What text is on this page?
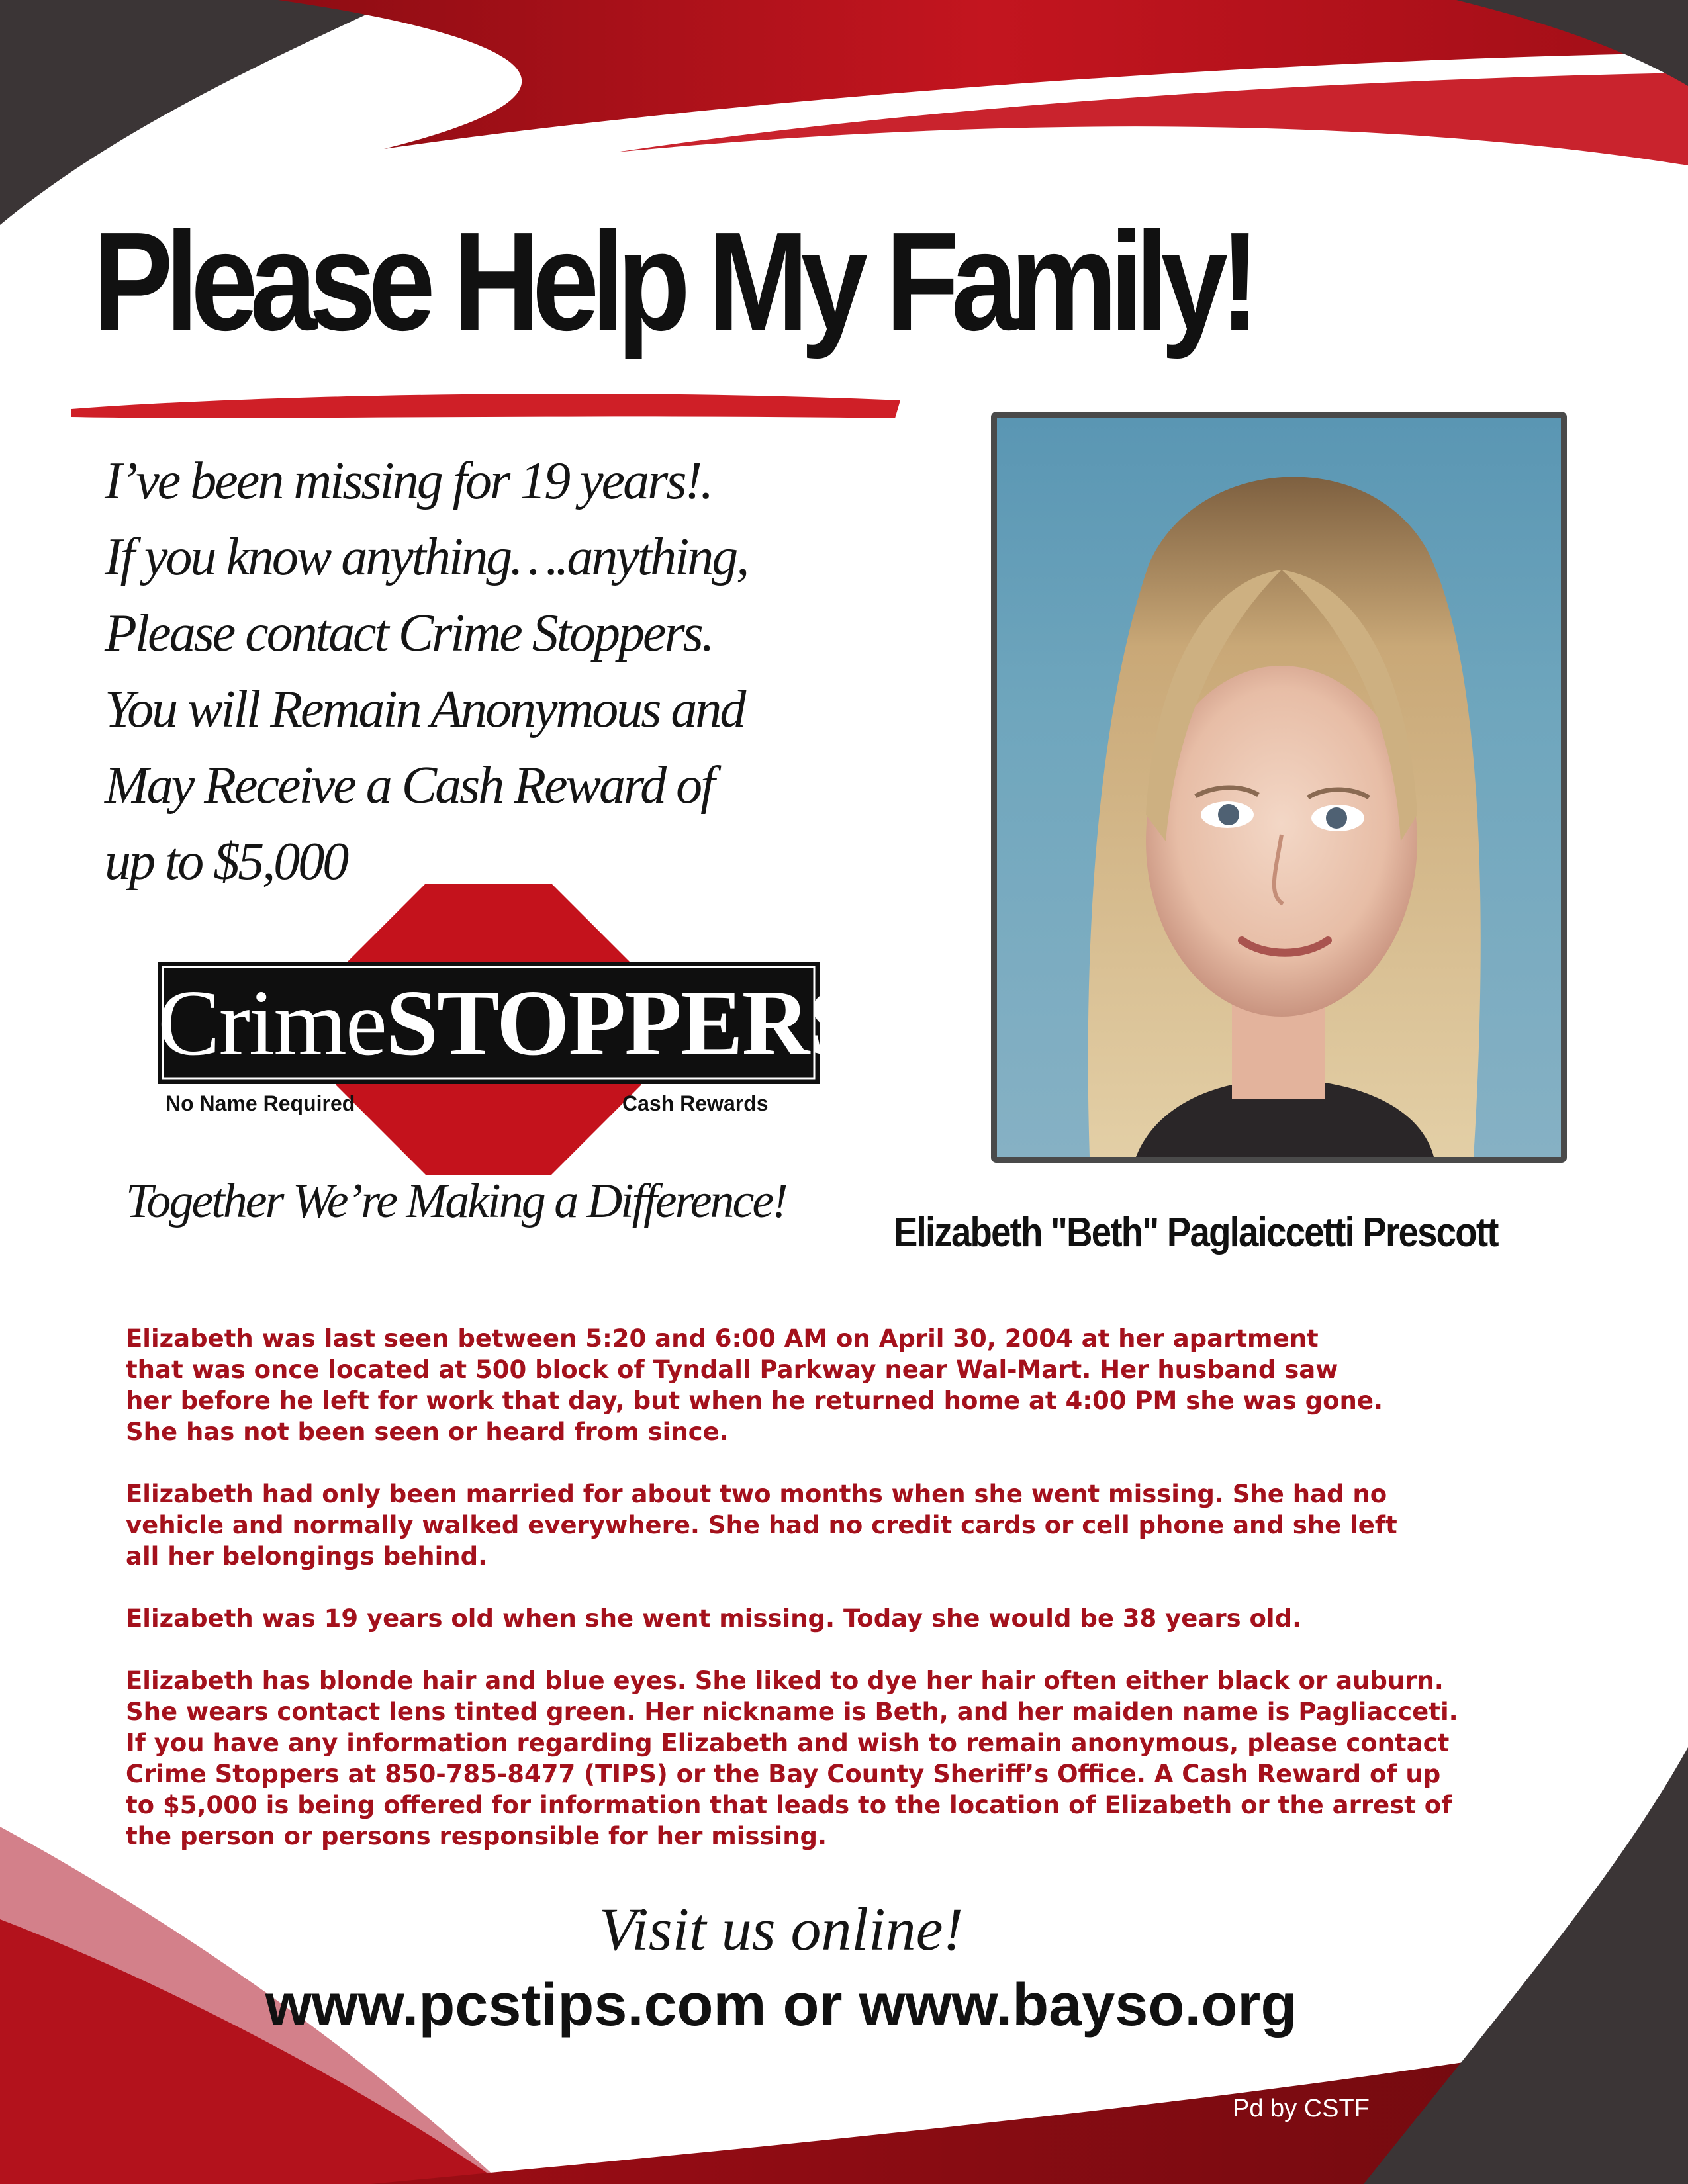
Please Help My Family!
I’ve been missing for 19 years!.
If you know anything….anything,
Please contact Crime Stoppers.
You will Remain Anonymous and
May Receive a Cash Reward of
up to $5,000
CrimeSTOPPERS
No Name Required	Cash Rewards
Together We’re Making a Difference!
Elizabeth "Beth" Paglaiccetti Prescott

Elizabeth was last seen between 5:20 and 6:00 AM on April 30, 2004 at her apartment
that was once located at 500 block of Tyndall Parkway near Wal-Mart. Her husband saw
her before he left for work that day, but when he returned home at 4:00 PM she was gone.
She has not been seen or heard from since.

Elizabeth had only been married for about two months when she went missing. She had no
vehicle and normally walked everywhere. She had no credit cards or cell phone and she left
all her belongings behind.

Elizabeth was 19 years old when she went missing. Today she would be 38 years old.

Elizabeth has blonde hair and blue eyes. She liked to dye her hair often either black or auburn.
She wears contact lens tinted green. Her nickname is Beth, and her maiden name is Pagliacceti.
If you have any information regarding Elizabeth and wish to remain anonymous, please contact
Crime Stoppers at 850-785-8477 (TIPS) or the Bay County Sheriff’s Office. A Cash Reward of up
to $5,000 is being offered for information that leads to the location of Elizabeth or the arrest of
the person or persons responsible for her missing.

Visit us online!
www.pcstips.com or www.bayso.org
Pd by CSTF
